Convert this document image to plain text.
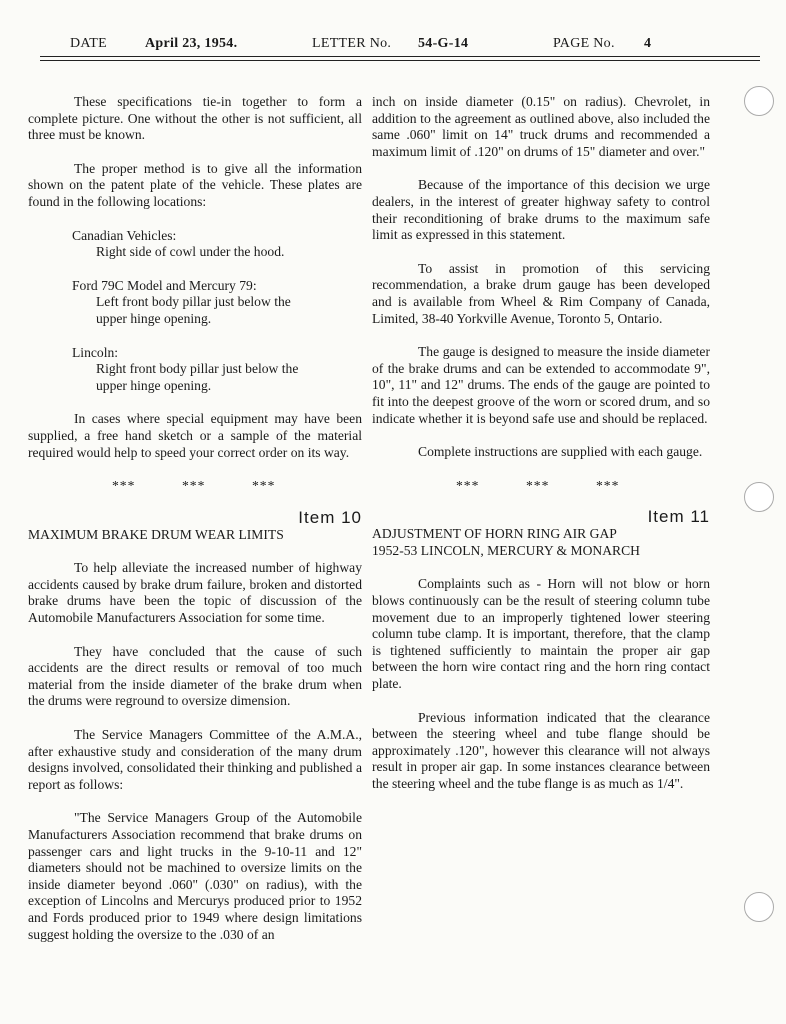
DATE	April 23, 1954.	LETTER No. 54-G-14	PAGE No. 4

These specifications tie-in together to form a complete picture. One without the other is not sufficient, all three must be known.

The proper method is to give all the information shown on the patent plate of the vehicle. These plates are found in the following locations:

Canadian Vehicles:

Right side of cowl under the hood.

Ford 79C Model and Mercury 79:

Left front body pillar just below the

upper hinge opening.

Lincoln:

Right front body pillar just below the

upper hinge opening.

In cases where special equipment may have been supplied, a free hand sketch or a sample of the material required would help to speed your correct order on its way.

***	***	***

Item 10

MAXIMUM BRAKE DRUM WEAR LIMITS

To help alleviate the increased number of highway accidents caused by brake drum failure, broken and distorted brake drums have been the topic of discussion of the Automobile Manufacturers Association for some time.

They have concluded that the cause of such accidents are the direct results or removal of too much material from the inside diameter of the brake drum when the drums were reground to oversize dimension.

The Service Managers Committee of the A.M.A., after exhaustive study and consideration of the many drum designs involved, consolidated their thinking and published a report as follows:

"The Service Managers Group of the Automobile Manufacturers Association recommend that brake drums on passenger cars and light trucks in the 9-10-11 and 12" diameters should not be machined to oversize limits on the inside diameter beyond .060" (.030" on radius), with the exception of Lincolns and Mercurys produced prior to 1952 and Fords produced prior to 1949 where design limitations suggest holding the oversize to the .030 of an

inch on inside diameter (0.15" on radius). Chevrolet, in addition to the agreement as outlined above, also included the same .060" limit on 14" truck drums and recommended a maximum limit of .120" on drums of 15" diameter and over."

Because of the importance of this decision we urge dealers, in the interest of greater highway safety to control their reconditioning of brake drums to the maximum safe limit as expressed in this statement.

To assist in promotion of this servicing recommendation, a brake drum gauge has been developed and is available from Wheel & Rim Company of Canada, Limited, 38-40 Yorkville Avenue, Toronto 5, Ontario.

The gauge is designed to measure the inside diameter of the brake drums and can be extended to accommodate 9", 10", 11" and 12" drums. The ends of the gauge are pointed to fit into the deepest groove of the worn or scored drum, and so indicate whether it is beyond safe use and should be replaced.

Complete instructions are supplied with each gauge.

***	***	***

Item 11

ADJUSTMENT OF HORN RING AIR GAP

1952-53 LINCOLN, MERCURY & MONARCH

Complaints such as - Horn will not blow or horn blows continuously can be the result of steering column tube movement due to an improperly tightened lower steering column tube clamp. It is important, therefore, that the clamp is tightened sufficiently to maintain the proper air gap between the horn wire contact ring and the horn ring contact plate.

Previous information indicated that the clearance between the steering wheel and tube flange should be approximately .120", however this clearance will not always result in proper air gap. In some instances clearance between the steering wheel and the tube flange is as much as 1/4".
